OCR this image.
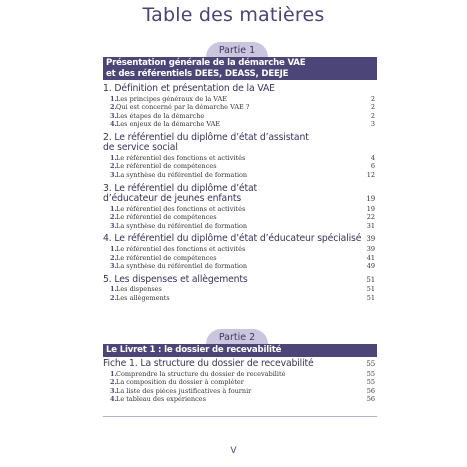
Table des matières
Partie 1
Présentation générale de la démarche VAE
et des référentiels DEES, DEASS, DEEJE
1. Définition et présentation de la VAE
1. Les principes généraux de la VAE	2
2. Qui est concerné par la démarche VAE ?	2
3. Les étapes de la démarche	2
4. Les enjeux de la démarche VAE	3
2. Le référentiel du diplôme d’état d’assistant
de service social
1. Le référentiel des fonctions et activités	4
2. Le référentiel de compétences	6
3. La synthèse du référentiel de formation	12
3. Le référentiel du diplôme d’état
d’éducateur de jeunes enfants	19
1. Le référentiel des fonctions et activités	19
2. Le référentiel de compétences	22
3. La synthèse du référentiel de formation	31
4. Le référentiel du diplôme d’état d’éducateur spécialisé 39
1. Le référentiel des fonctions et activités	39
2. Le référentiel de compétences	41
3. La synthèse du référentiel de formation	49
5. Les dispenses et allègements	51
1. Les dispenses	51
2. Les allègements	51
Partie 2
Le Livret 1 : le dossier de recevabilité
Fiche 1. La structure du dossier de recevabilité	55
1. Comprendre la structure du dossier de recevabilité	55
2. La composition du dossier à compléter	55
3. La liste des pièces justificatives à fournir	56
4. Le tableau des expériences	56
V
